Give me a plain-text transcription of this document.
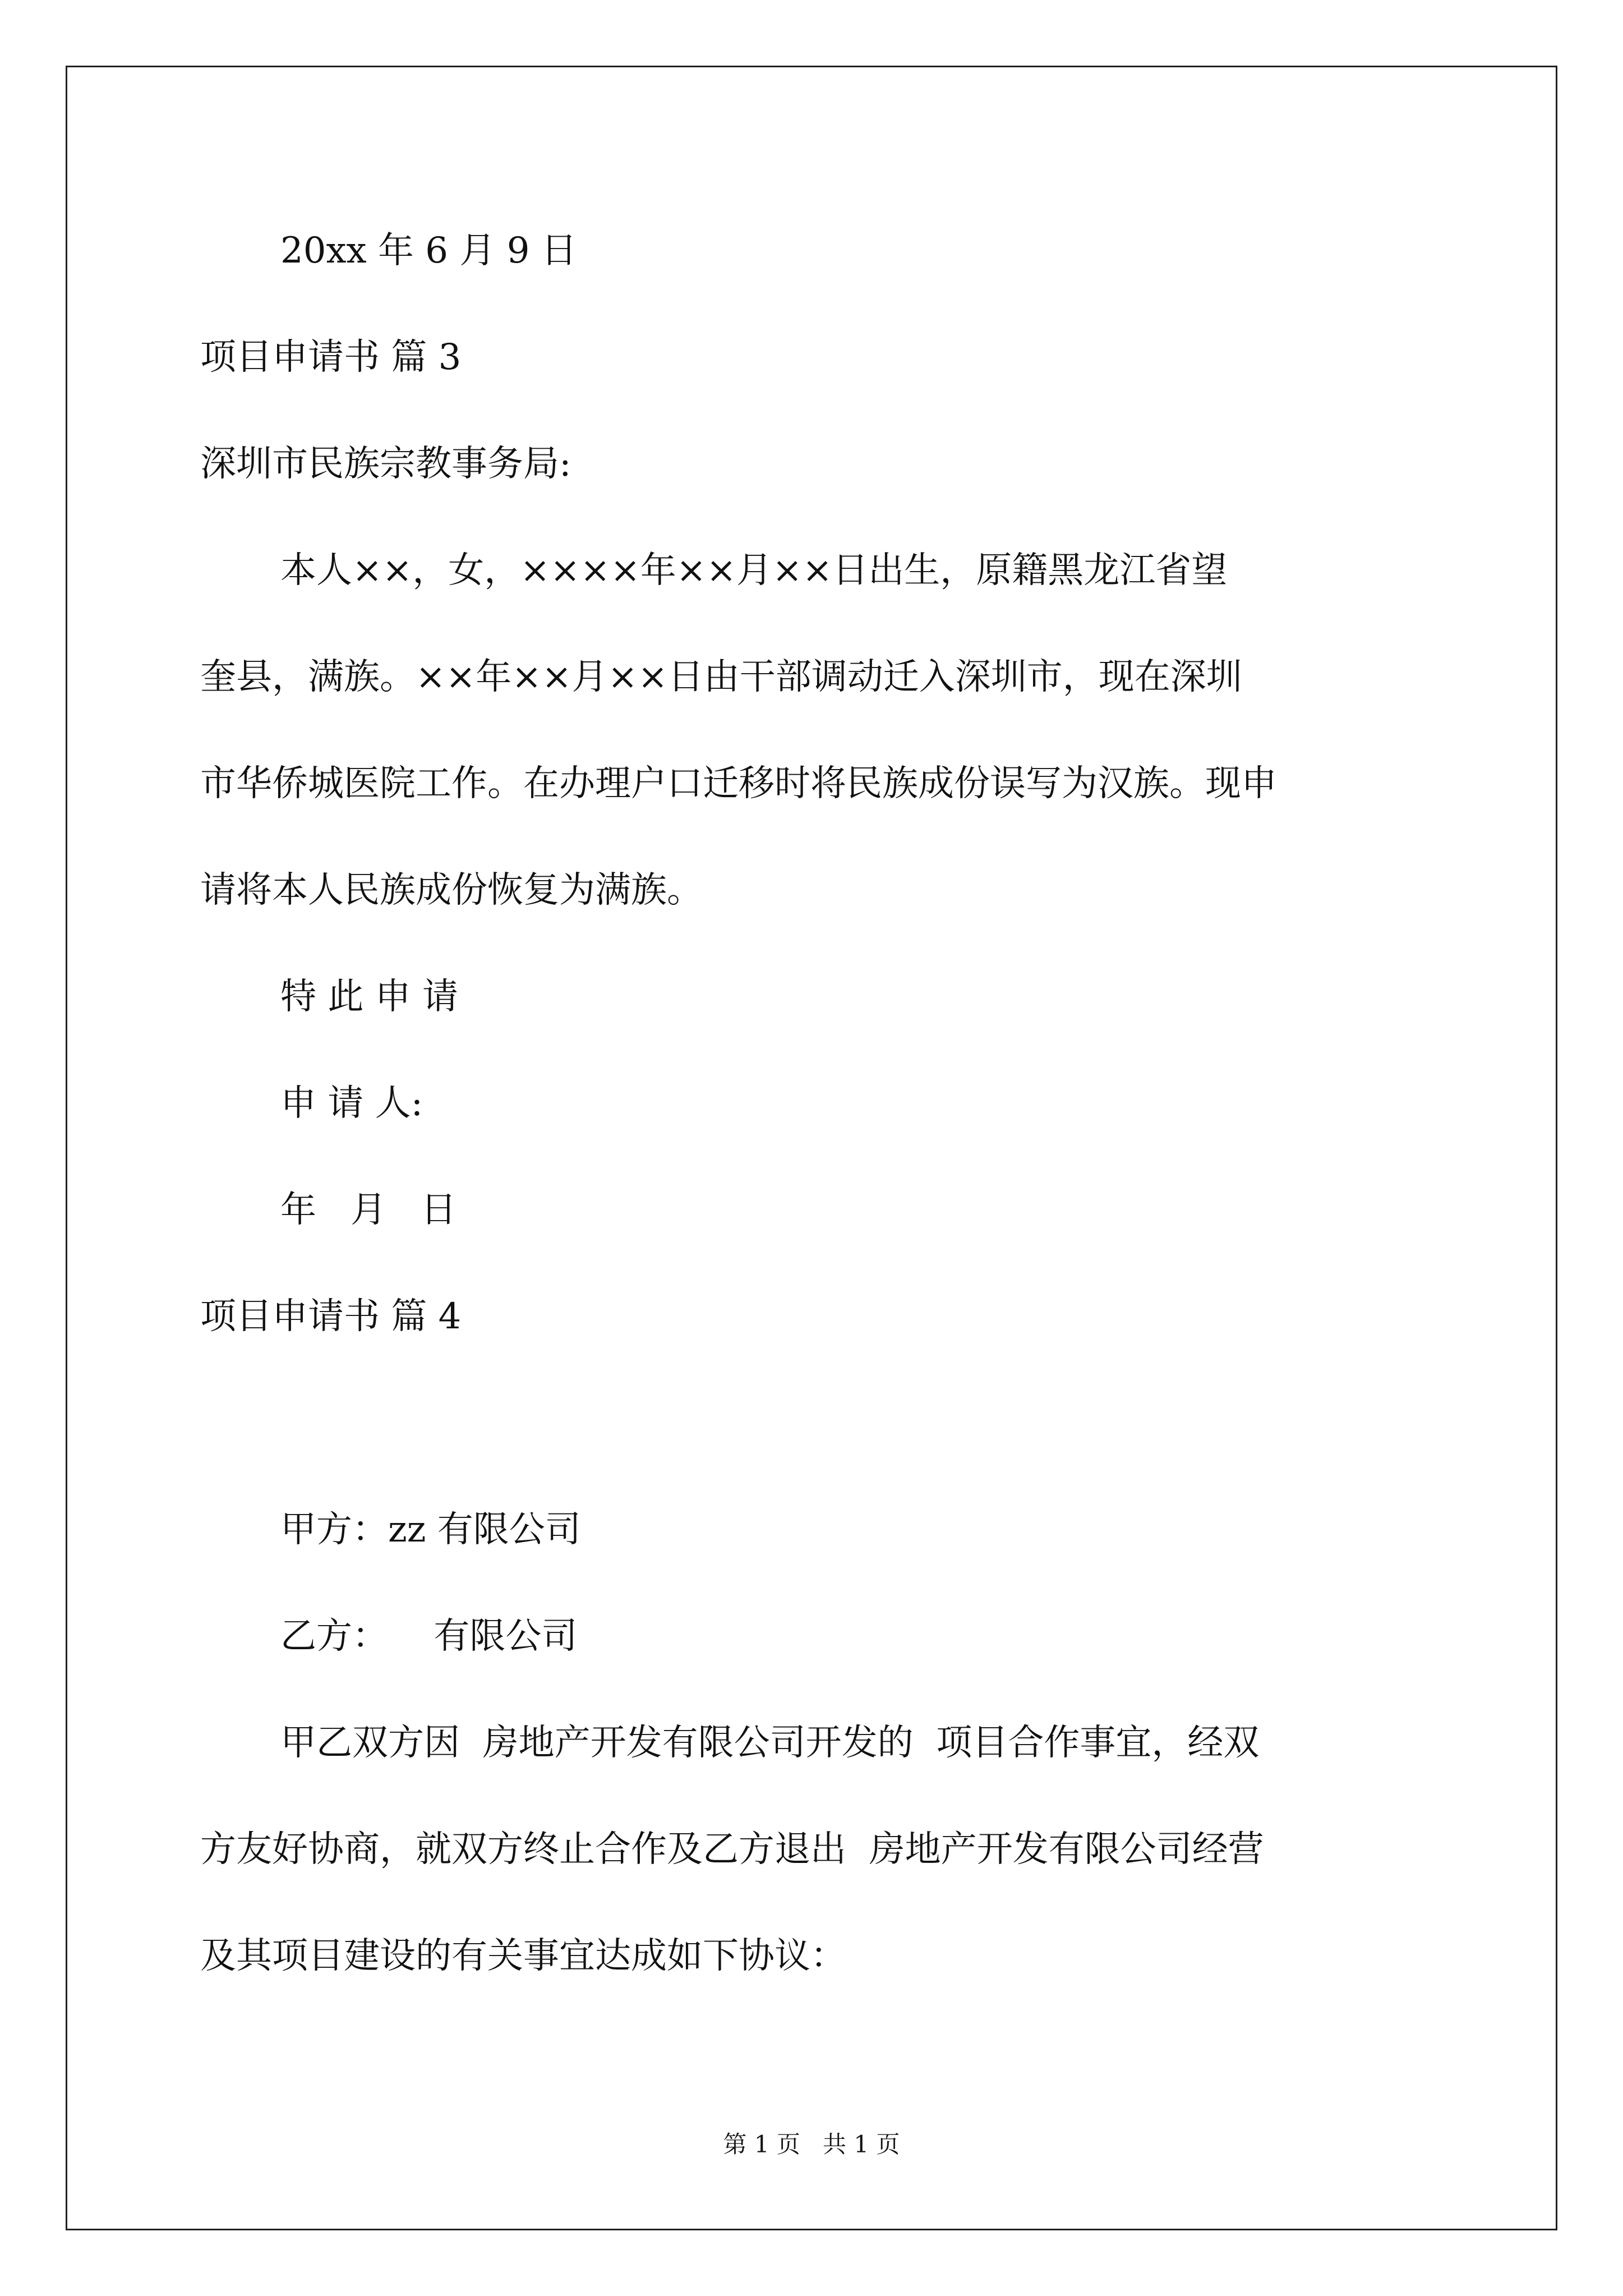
20xx 年 6 月 9 日
项目申请书 篇 3
深圳市民族宗教事务局:
本人××，女，××××年××月××日出生，原籍黑龙江省望
奎县，满族。××年××月××日由干部调动迁入深圳市，现在深圳
市华侨城医院工作。在办理户口迁移时将民族成份误写为汉族。现申
请将本人民族成份恢复为满族。
特 此 申 请
申 请 人:
年   月   日
项目申请书 篇 4
甲方：zz 有限公司
乙方：    有限公司
甲乙双方因  房地产开发有限公司开发的  项目合作事宜，经双
方友好协商，就双方终止合作及乙方退出  房地产开发有限公司经营
及其项目建设的有关事宜达成如下协议：
第 1 页   共 1 页
